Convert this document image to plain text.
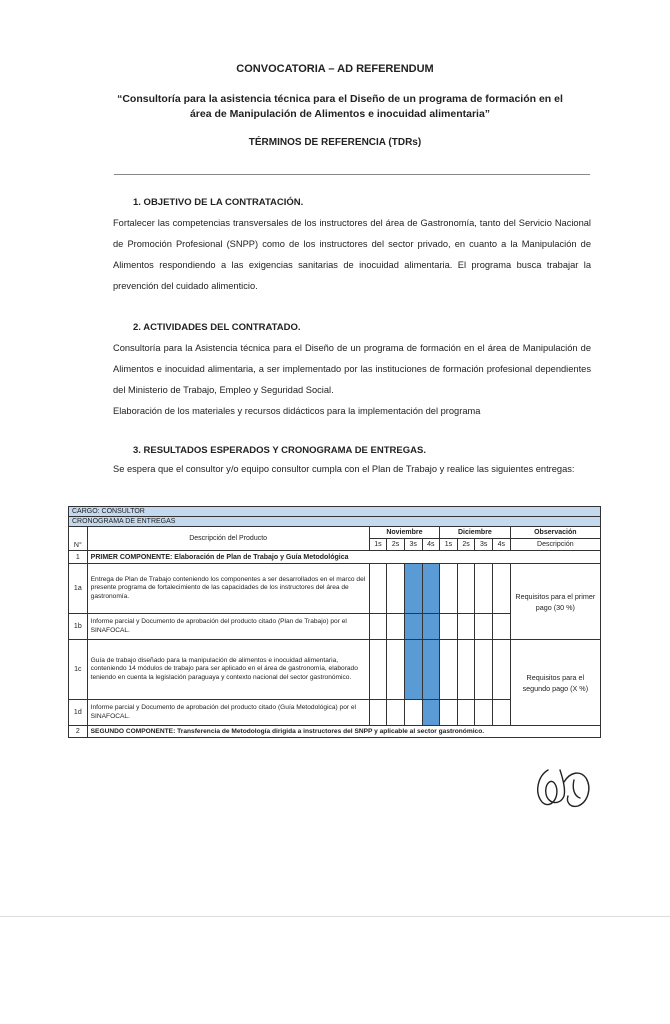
CONVOCATORIA – AD REFERENDUM
“Consultoría para la asistencia técnica para el Diseño de un programa de formación en el área de Manipulación de Alimentos e inocuidad alimentaria”
TÉRMINOS DE REFERENCIA (TDRs)
1. OBJETIVO DE LA CONTRATACIÓN.

Fortalecer las competencias transversales de los instructores del área de Gastronomía, tanto del Servicio Nacional de Promoción Profesional (SNPP) como de los instructores del sector privado, en cuanto a la Manipulación de Alimentos respondiendo a las exigencias sanitarias de inocuidad alimentaria. El programa busca trabajar la prevención del cuidado alimenticio.

2. ACTIVIDADES DEL CONTRATADO.

Consultoría para la Asistencia técnica para el Diseño de un programa de formación en el área de Manipulación de Alimentos e inocuidad alimentaria, a ser implementado por las instituciones de formación profesional dependientes del Ministerio de Trabajo, Empleo y Seguridad Social.

Elaboración de los materiales y recursos didácticos para la implementación del programa

3. RESULTADOS ESPERADOS Y CRONOGRAMA DE ENTREGAS.

Se espera que el consultor y/o equipo consultor cumpla con el Plan de Trabajo y realice las siguientes entregas:

CARGO: CONSULTOR										
CRONOGRAMA DE ENTREGAS										
N°	Descripción del Producto	Noviembre				Diciembre				Observación
		1s	2s	3s	4s	1s	2s	3s	4s	Descripción
1	PRIMER COMPONENTE: Elaboración de Plan de Trabajo y Guía Metodológica									
1a	Entrega de Plan de Trabajo conteniendo los componentes a ser desarrollados en el marco del presente programa de fortalecimiento de las capacidades de los instructores del área de gastronomía.									Requisitos para el primer pago (30 %)
1b	Informe parcial y Documento de aprobación del producto citado (Plan de Trabajo) por el SINAFOCAL.									
1c	Guía de trabajo diseñado para la manipulación de alimentos e inocuidad alimentaria, conteniendo 14 módulos de trabajo para ser aplicado en el área de gastronomía, elaborado teniendo en cuenta la legislación paraguaya y contexto nacional del sector gastronómico.									Requisitos para el segundo pago (X %)
1d	Informe parcial y Documento de aprobación del producto citado (Guía Metodológica) por el SINAFOCAL.									
2	SEGUNDO COMPONENTE: Transferencia de Metodología dirigida a instructores del SNPP y aplicable al sector gastronómico.									
